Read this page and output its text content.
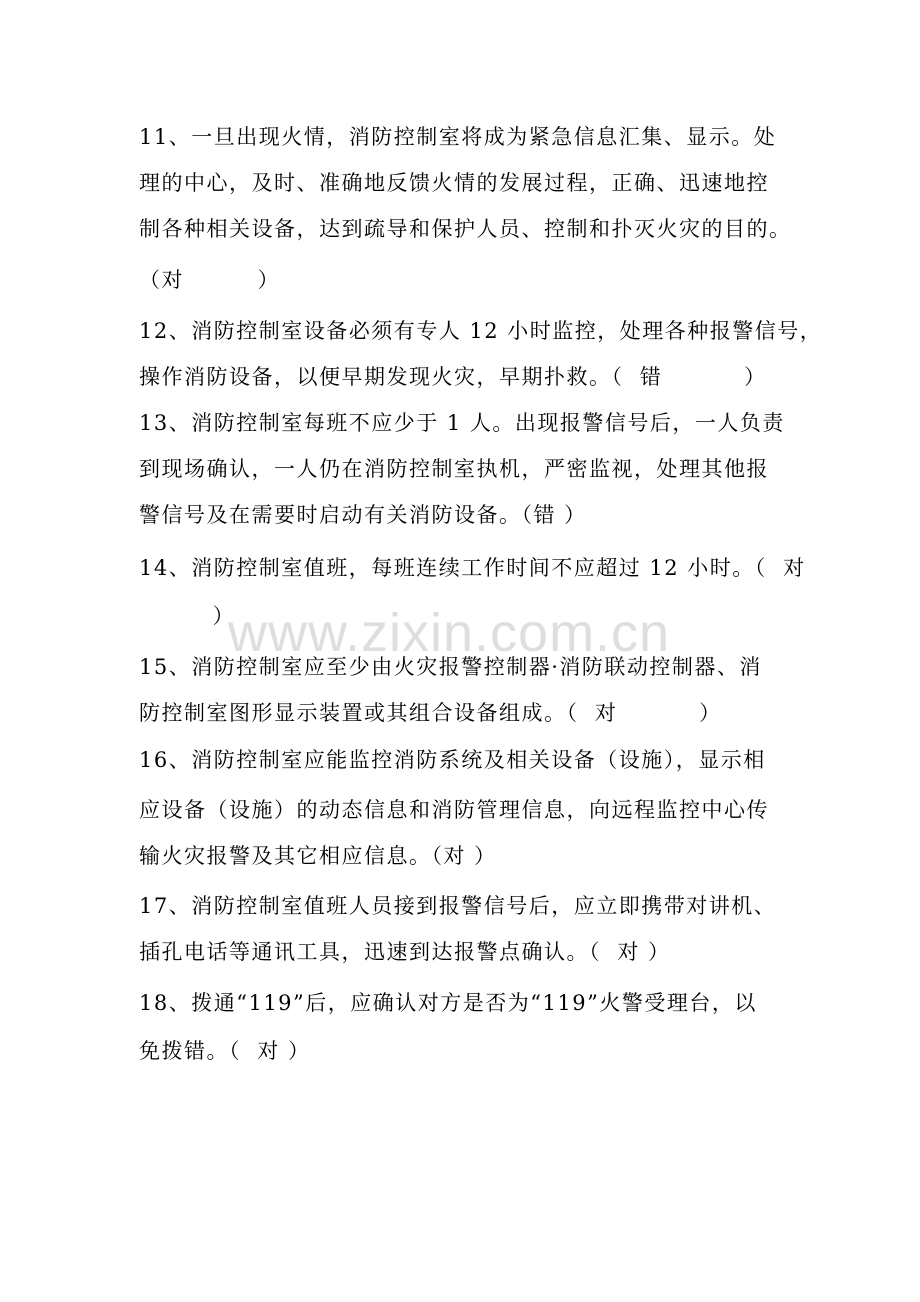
11、一旦出现火情，消防控制室将成为紧急信息汇集、显示。处
理的中心，及时、准确地反馈火情的发展过程，正确、迅速地控
制各种相关设备，达到疏导和保护人员、控制和扑灭火灾的目的。
（对         ）
12、消防控制室设备必须有专人 12 小时监控，处理各种报警信号，
操作消防设备，以便早期发现火灾，早期扑救。（  错          ）
13、消防控制室每班不应少于 1 人。出现报警信号后，一人负责
到现场确认，一人仍在消防控制室执机，严密监视，处理其他报
警信号及在需要时启动有关消防设备。（错 ）
14、消防控制室值班，每班连续工作时间不应超过 12 小时。（  对
）
15、消防控制室应至少由火灾报警控制器·消防联动控制器、消
防控制室图形显示装置或其组合设备组成。（  对          ）
16、消防控制室应能监控消防系统及相关设备（设施），显示相
应设备（设施）的动态信息和消防管理信息，向远程监控中心传
输火灾报警及其它相应信息。（对 ）
17、消防控制室值班人员接到报警信号后，应立即携带对讲机、
插孔电话等通讯工具，迅速到达报警点确认。（  对 ）
18、拨通“119”后，应确认对方是否为“119”火警受理台，以
免拨错。（  对 ）
www.zixin.com.cn
